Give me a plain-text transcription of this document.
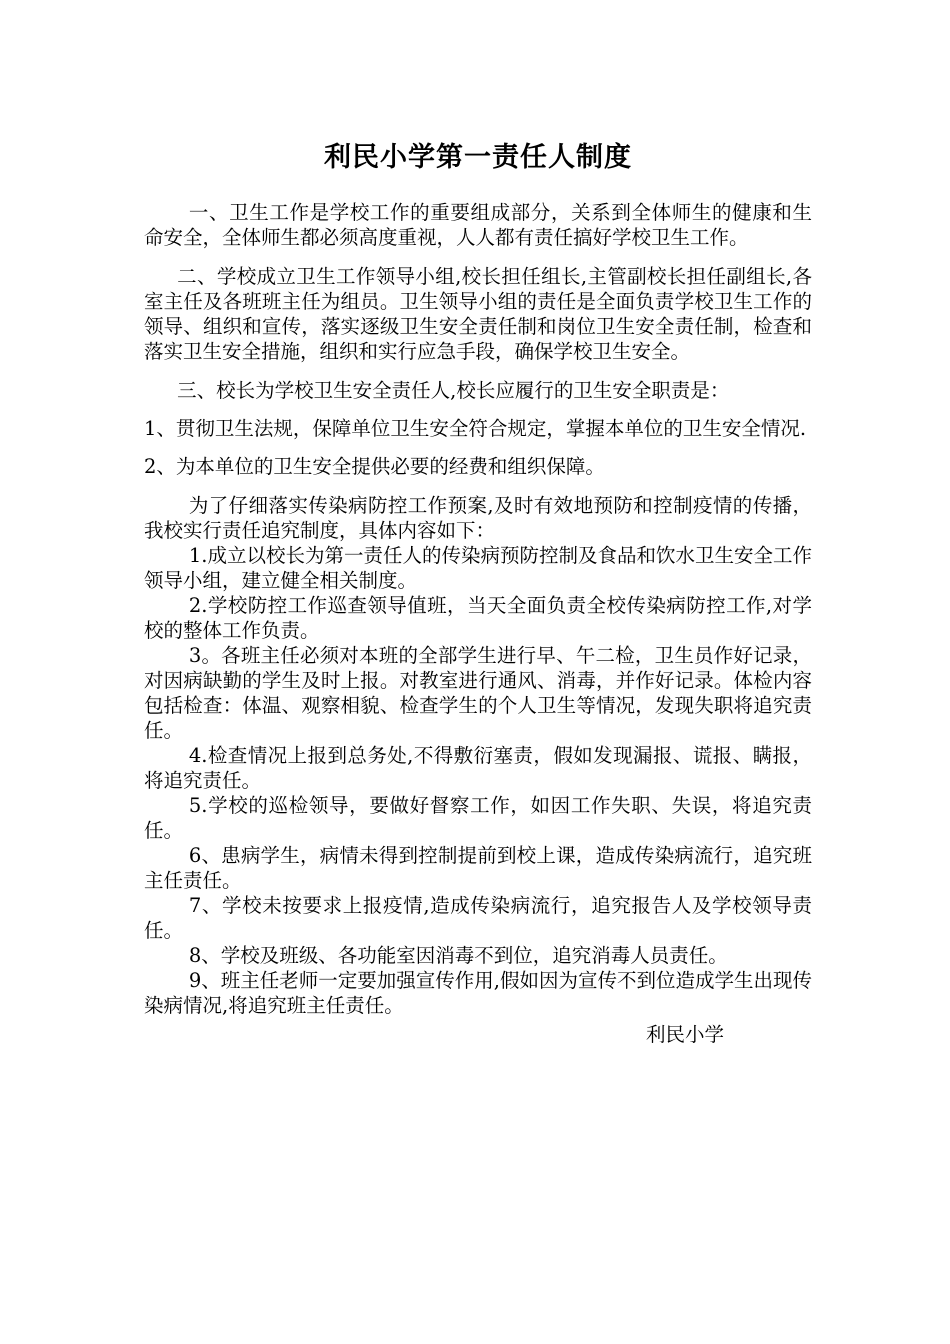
利民小学第一责任人制度

一、卫生工作是学校工作的重要组成部分，关系到全体师生的健康和生命安全，全体师生都必须高度重视，人人都有责任搞好学校卫生工作。

二、学校成立卫生工作领导小组,校长担任组长,主管副校长担任副组长,各室主任及各班班主任为组员。卫生领导小组的责任是全面负责学校卫生工作的领导、组织和宣传，落实逐级卫生安全责任制和岗位卫生安全责任制，检查和落实卫生安全措施，组织和实行应急手段，确保学校卫生安全。

三、校长为学校卫生安全责任人,校长应履行的卫生安全职责是：

1、贯彻卫生法规，保障单位卫生安全符合规定，掌握本单位的卫生安全情况.

2、为本单位的卫生安全提供必要的经费和组织保障。

为了仔细落实传染病防控工作预案,及时有效地预防和控制疫情的传播，我校实行责任追究制度，具体内容如下：

1.成立以校长为第一责任人的传染病预防控制及食品和饮水卫生安全工作领导小组，建立健全相关制度。

2.学校防控工作巡查领导值班，当天全面负责全校传染病防控工作,对学校的整体工作负责。

3。各班主任必须对本班的全部学生进行早、午二检，卫生员作好记录，对因病缺勤的学生及时上报。对教室进行通风、消毒，并作好记录。体检内容包括检查：体温、观察相貌、检查学生的个人卫生等情况，发现失职将追究责任。

4.检查情况上报到总务处,不得敷衍塞责，假如发现漏报、谎报、瞒报，将追究责任。

5.学校的巡检领导，要做好督察工作，如因工作失职、失误，将追究责任。

6、患病学生，病情未得到控制提前到校上课，造成传染病流行，追究班主任责任。

7、学校未按要求上报疫情,造成传染病流行，追究报告人及学校领导责任。

8、学校及班级、各功能室因消毒不到位，追究消毒人员责任。

9、班主任老师一定要加强宣传作用,假如因为宣传不到位造成学生出现传染病情况,将追究班主任责任。

利民小学
